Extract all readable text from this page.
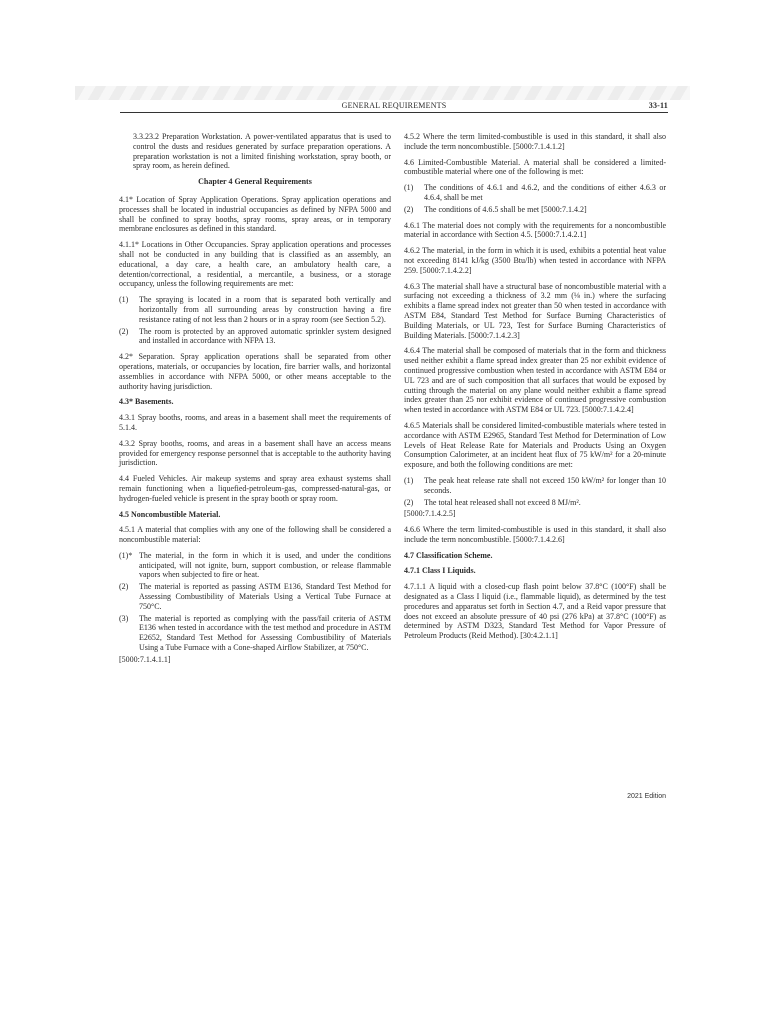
GENERAL REQUIREMENTS	33-11

3.3.23.2 Preparation Workstation. A power-ventilated apparatus that is used to control the dusts and residues generated by surface preparation operations. A preparation workstation is not a limited finishing workstation, spray booth, or spray room, as herein defined.

Chapter 4 General Requirements

4.1* Location of Spray Application Operations. Spray application operations and processes shall be located in industrial occupancies as defined by NFPA 5000 and shall be confined to spray booths, spray rooms, spray areas, or in temporary membrane enclosures as defined in this standard.

4.1.1* Locations in Other Occupancies. Spray application operations and processes shall not be conducted in any building that is classified as an assembly, an educational, a day care, a health care, an ambulatory health care, a detention/correctional, a residential, a mercantile, a business, or a storage occupancy, unless the following requirements are met:

(1)	The spraying is located in a room that is separated both vertically and horizontally from all surrounding areas by construction having a fire resistance rating of not less than 2 hours or in a spray room (see Section 5.2).
(2)	The room is protected by an approved automatic sprinkler system designed and installed in accordance with NFPA 13.

4.2* Separation. Spray application operations shall be separated from other operations, materials, or occupancies by location, fire barrier walls, and horizontal assemblies in accordance with NFPA 5000, or other means acceptable to the authority having jurisdiction.

4.3* Basements.

4.3.1 Spray booths, rooms, and areas in a basement shall meet the requirements of 5.1.4.

4.3.2 Spray booths, rooms, and areas in a basement shall have an access means provided for emergency response personnel that is acceptable to the authority having jurisdiction.

4.4 Fueled Vehicles. Air makeup systems and spray area exhaust systems shall remain functioning when a liquefied-petroleum-gas, compressed-natural-gas, or hydrogen-fueled vehicle is present in the spray booth or spray room.

4.5 Noncombustible Material.

4.5.1 A material that complies with any one of the following shall be considered a noncombustible material:

(1)* The material, in the form in which it is used, and under the conditions anticipated, will not ignite, burn, support combustion, or release flammable vapors when subjected to fire or heat.
(2)	The material is reported as passing ASTM E136, Standard Test Method for Assessing Combustibility of Materials Using a Vertical Tube Furnace at 750°C.
(3)	The material is reported as complying with the pass/fail criteria of ASTM E136 when tested in accordance with the test method and procedure in ASTM E2652, Standard Test Method for Assessing Combustibility of Materials Using a Tube Furnace with a Cone-shaped Airflow Stabilizer, at 750°C.
[5000:7.1.4.1.1]

4.5.2 Where the term limited-combustible is used in this standard, it shall also include the term noncombustible. [5000:7.1.4.1.2]

4.6 Limited-Combustible Material. A material shall be considered a limited-combustible material where one of the following is met:

(1)	The conditions of 4.6.1 and 4.6.2, and the conditions of either 4.6.3 or 4.6.4, shall be met
(2)	The conditions of 4.6.5 shall be met [5000:7.1.4.2]

4.6.1 The material does not comply with the requirements for a noncombustible material in accordance with Section 4.5. [5000:7.1.4.2.1]

4.6.2 The material, in the form in which it is used, exhibits a potential heat value not exceeding 8141 kJ/kg (3500 Btu/lb) when tested in accordance with NFPA 259. [5000:7.1.4.2.2]

4.6.3 The material shall have a structural base of noncombustible material with a surfacing not exceeding a thickness of 3.2 mm (⅛ in.) where the surfacing exhibits a flame spread index not greater than 50 when tested in accordance with ASTM E84, Standard Test Method for Surface Burning Characteristics of Building Materials, or UL 723, Test for Surface Burning Characteristics of Building Materials. [5000:7.1.4.2.3]

4.6.4 The material shall be composed of materials that in the form and thickness used neither exhibit a flame spread index greater than 25 nor exhibit evidence of continued progressive combustion when tested in accordance with ASTM E84 or UL 723 and are of such composition that all surfaces that would be exposed by cutting through the material on any plane would neither exhibit a flame spread index greater than 25 nor exhibit evidence of continued progressive combustion when tested in accordance with ASTM E84 or UL 723. [5000:7.1.4.2.4]

4.6.5 Materials shall be considered limited-combustible materials where tested in accordance with ASTM E2965, Standard Test Method for Determination of Low Levels of Heat Release Rate for Materials and Products Using an Oxygen Consumption Calorimeter, at an incident heat flux of 75 kW/m² for a 20-minute exposure, and both the following conditions are met:

(1)	The peak heat release rate shall not exceed 150 kW/m² for longer than 10 seconds.
(2)	The total heat released shall not exceed 8 MJ/m².
[5000:7.1.4.2.5]

4.6.6 Where the term limited-combustible is used in this standard, it shall also include the term noncombustible. [5000:7.1.4.2.6]

4.7 Classification Scheme.
4.7.1 Class I Liquids.

4.7.1.1 A liquid with a closed-cup flash point below 37.8°C (100°F) shall be designated as a Class I liquid (i.e., flammable liquid), as determined by the test procedures and apparatus set forth in Section 4.7, and a Reid vapor pressure that does not exceed an absolute pressure of 40 psi (276 kPa) at 37.8°C (100°F) as determined by ASTM D323, Standard Test Method for Vapor Pressure of Petroleum Products (Reid Method). [30:4.2.1.1]

2021 Edition
